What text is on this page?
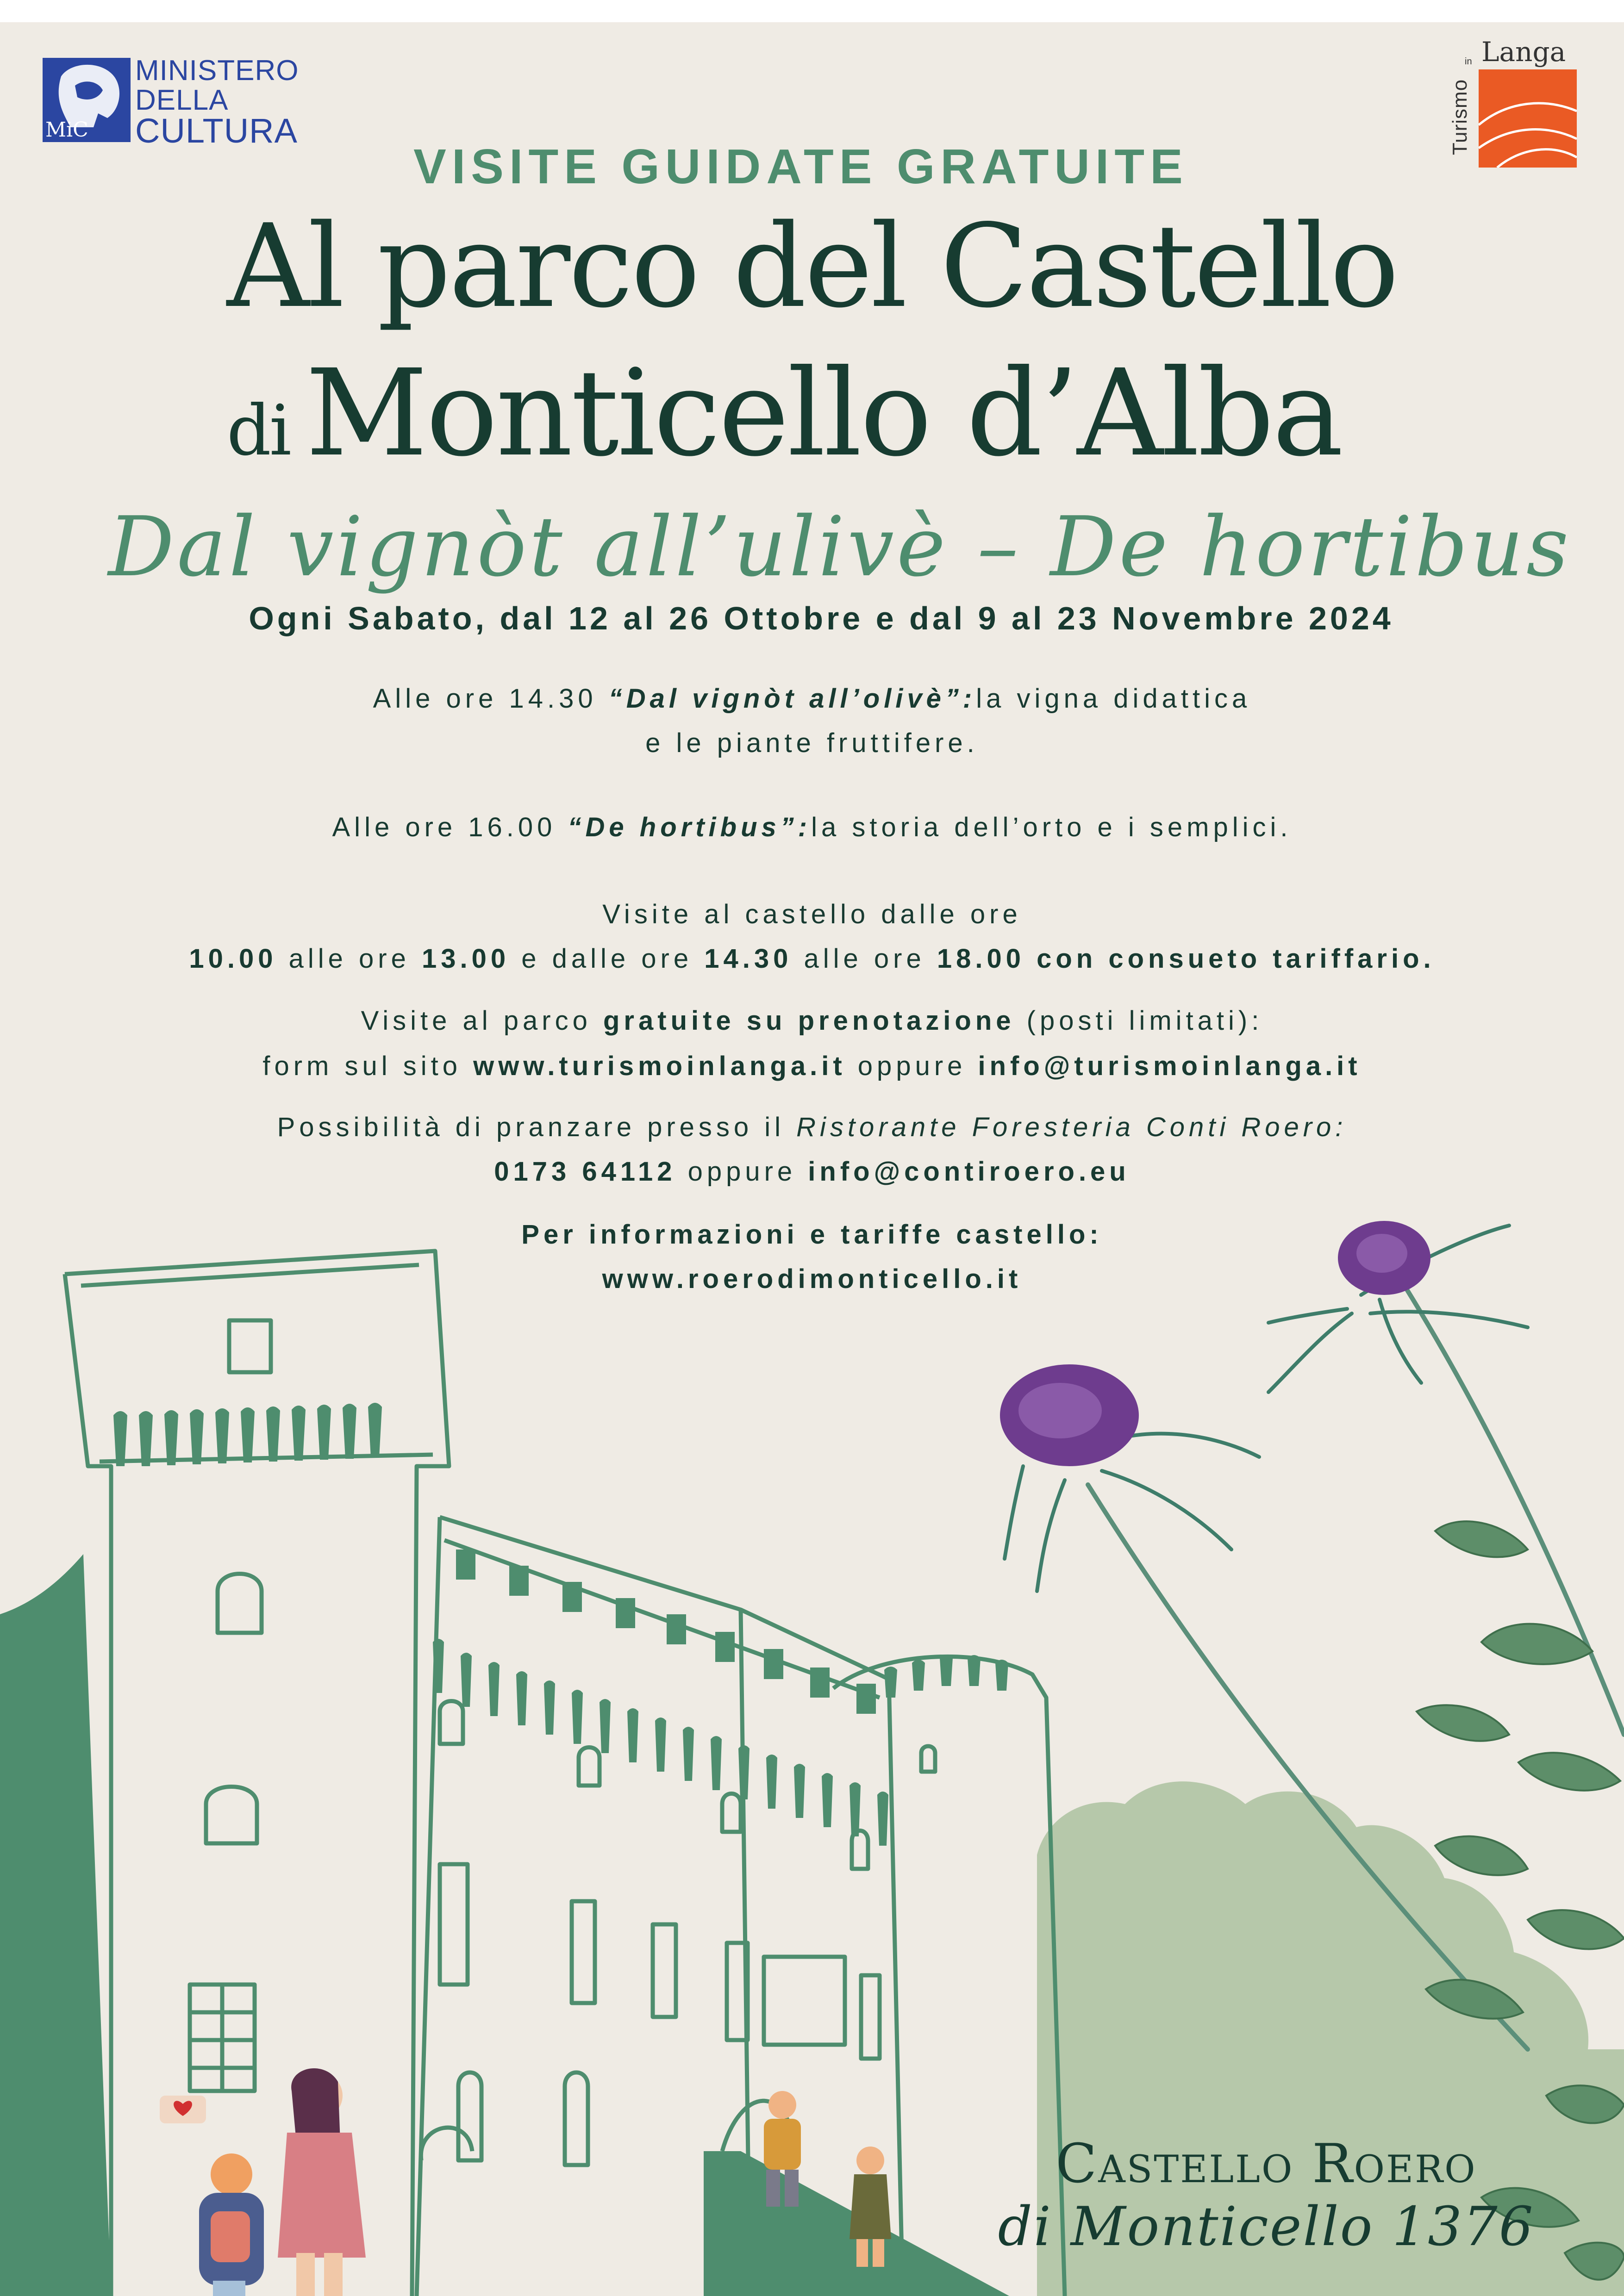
MiC
MINISTERO
DELLA
CULTURA
Langa
in
Turismo
VISITE GUIDATE GRATUITE
Al parco del Castello
di Monticello d’Alba
Dal vignòt all’ulivè – De hortibus
Ogni Sabato, dal 12 al 26 Ottobre e dal 9 al 23 Novembre 2024
Alle ore 14.30 “Dal vignòt all’olivè”:la vigna didattica
e le piante fruttifere.
Alle ore 16.00 “De hortibus”:la storia dell’orto e i semplici.
Visite al castello dalle ore
10.00 alle ore 13.00 e dalle ore 14.30 alle ore 18.00 con consueto tariffario.
Visite al parco gratuite su prenotazione (posti limitati):
form sul sito www.turismoinlanga.it oppure info@turismoinlanga.it
Possibilità di pranzare presso il Ristorante Foresteria Conti Roero:
0173 64112 oppure info@contiroero.eu
Per informazioni e tariffe castello:
www.roerodimonticello.it
Castello Roero
di Monticello 1376
